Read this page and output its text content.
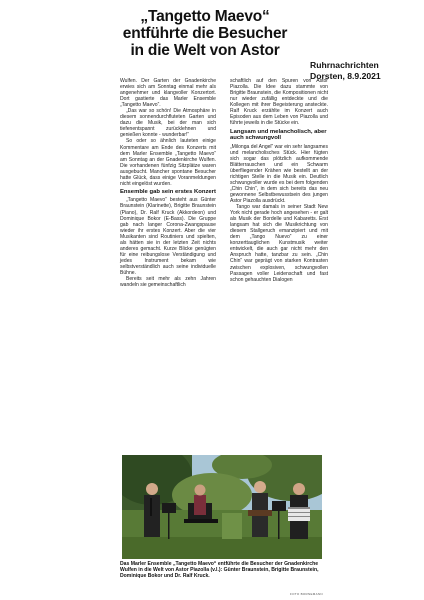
„Tangetto Maevo“
entführte die Besucher
in die Welt von Astor
Ruhrnachrichten
Dorsten, 8.9.2021

Wulfen. Der Garten der Gnadenkirche erwies sich am Sonntag einmal mehr als angenehmer und klangvoller Konzertort. Dort gastierte das Marler Ensemble „Tangetto Maevo“.

„Das war so schön! Die Atmosphäre in diesem sonnendurchfluteten Garten und dazu die Musik, bei der man sich tiefenentspannt zurücklehnen und genießen konnte - wunderbar!“

So oder so ähnlich lauteten einige Kommentare am Ende des Konzerts mit dem Marler Ensemble „Tangetto Maevo“ am Sonntag an der Gnadenkirche Wulfen. Die vorhandenen fünfzig Sitzplätze waren ausgebucht. Mancher spontane Besucher hatte Glück, dass einige Voranmeldungen nicht eingelöst wurden.

Ensemble gab sein erstes Konzert

„Tangetto Maevo“ besteht aus Günter Braunstein (Klarinette), Brigitte Braunstein (Piano), Dr. Ralf Kruck (Akkordeon) und Dominique Bokor (E-Bass). Die Gruppe gab nach langer Corona-Zwangspause wieder ihr erstes Konzert. Aber die vier Musikanten sind Routiniers und spielten, als hätten sie in der letzten Zeit nichts anderes gemacht. Kurze Blicke genügten für eine reibungslose Verständigung und jedes Instrument bekam wie selbstverständlich auch seine individuelle Bühne.

Bereits seit mehr als zehn Jahren wandeln sie gemeinschaftlich

schaftlich auf den Spuren von Astor Piazolla. Die Idee dazu stammte von Brigitte Braunstein, die Kompositionen nicht nur wieder zufällig entdeckte und die Kollegen mit ihrer Begeisterung ansteckte. Ralf Kruck erzählte im Konzert auch Episoden aus dem Leben von Piazolla und führte jeweils in die Stücke ein.

Langsam und melancholisch, aber auch schwungvoll

„Milonga del Angel“ war ein sehr langsames und melancholisches Stück. Hier fügten sich sogar das plötzlich aufkommende Blätterrauschen und ein Schwarm überfliegender Krähen wie bestellt an der richtigen Stelle in die Musik ein. Deutlich schwungvoller wurde es bei dem folgenden „Chin Chin“, in dem sich bereits das neu gewonnene Selbstbewusstsein des jungen Astor Piazolla ausdrückt.

Tango war damals in seiner Stadt New York nicht gerade hoch angesehen - er galt als Musik der Bordelle und Kabaretts. Erst langsam hat sich die Musikrichtung von diesem Stallgeruch emanzipiert und mit dem „Tango Nuevo“ zu einer konzerttauglichen Kunstmusik weiter entwickelt, die auch gar nicht mehr den Anspruch hatte, tanzbar zu sein. „Chin Chin“ war geprägt von starken Kontrasten zwischen explosiven, schwungvollen Passagen voller Leidenschaft und fast schon gehauchten Dialogen

Das Marler Ensemble „Tangetto Maevo“ entführte die Besucher der Gnadenkirche Wulfen in die Welt von Astor Piazolla (v.l.): Günter Braunstein, Brigitte Braunstein, Dominique Bokor und Dr. Ralf Kruck.
FOTO BORNEMANN
